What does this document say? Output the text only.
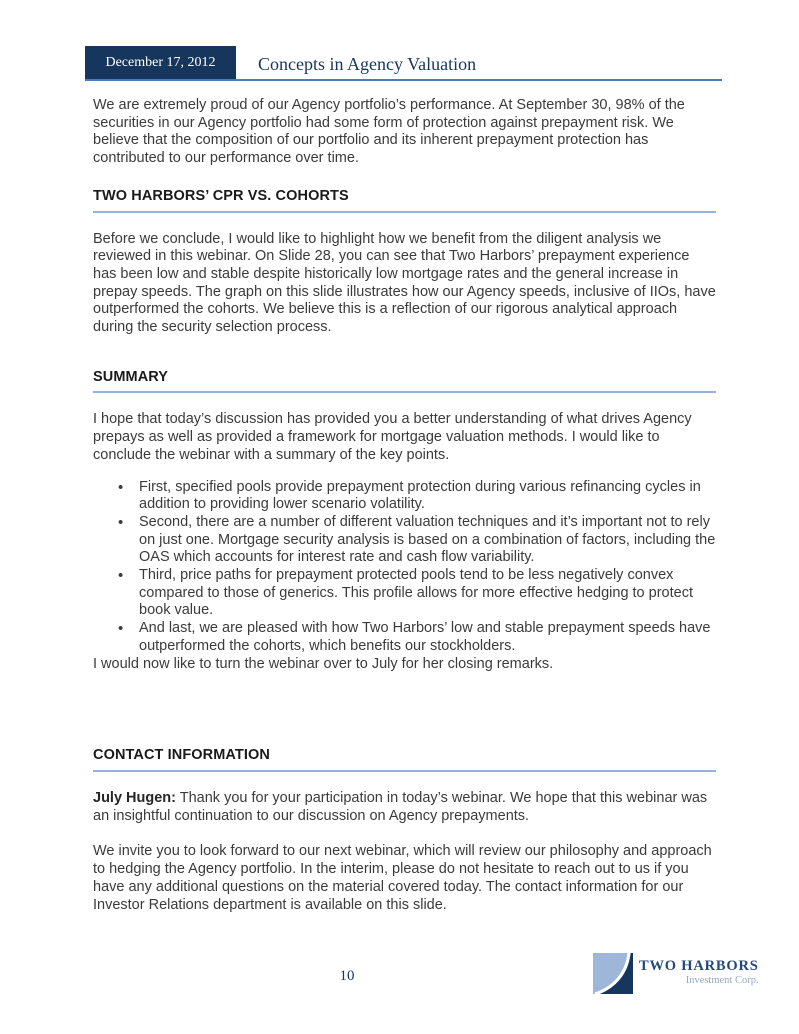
December 17, 2012 Concepts in Agency Valuation

We are extremely proud of our Agency portfolio’s performance. At September 30, 98% of the securities in our Agency portfolio had some form of protection against prepayment risk. We believe that the composition of our portfolio and its inherent prepayment protection has contributed to our performance over time.

TWO HARBORS’ CPR VS. COHORTS

Before we conclude, I would like to highlight how we benefit from the diligent analysis we reviewed in this webinar. On Slide 28, you can see that Two Harbors’ prepayment experience has been low and stable despite historically low mortgage rates and the general increase in prepay speeds. The graph on this slide illustrates how our Agency speeds, inclusive of IIOs, have outperformed the cohorts. We believe this is a reflection of our rigorous analytical approach during the security selection process.

SUMMARY

I hope that today’s discussion has provided you a better understanding of what drives Agency prepays as well as provided a framework for mortgage valuation methods. I would like to conclude the webinar with a summary of the key points.

• First, specified pools provide prepayment protection during various refinancing cycles in addition to providing lower scenario volatility.
• Second, there are a number of different valuation techniques and it’s important not to rely on just one. Mortgage security analysis is based on a combination of factors, including the OAS which accounts for interest rate and cash flow variability.
• Third, price paths for prepayment protected pools tend to be less negatively convex compared to those of generics. This profile allows for more effective hedging to protect book value.
• And last, we are pleased with how Two Harbors’ low and stable prepayment speeds have outperformed the cohorts, which benefits our stockholders.

I would now like to turn the webinar over to July for her closing remarks.

CONTACT INFORMATION

July Hugen: Thank you for your participation in today’s webinar. We hope that this webinar was an insightful continuation to our discussion on Agency prepayments.

We invite you to look forward to our next webinar, which will review our philosophy and approach to hedging the Agency portfolio. In the interim, please do not hesitate to reach out to us if you have any additional questions on the material covered today. The contact information for our Investor Relations department is available on this slide.

10
TWO HARBORS
Investment Corp.
